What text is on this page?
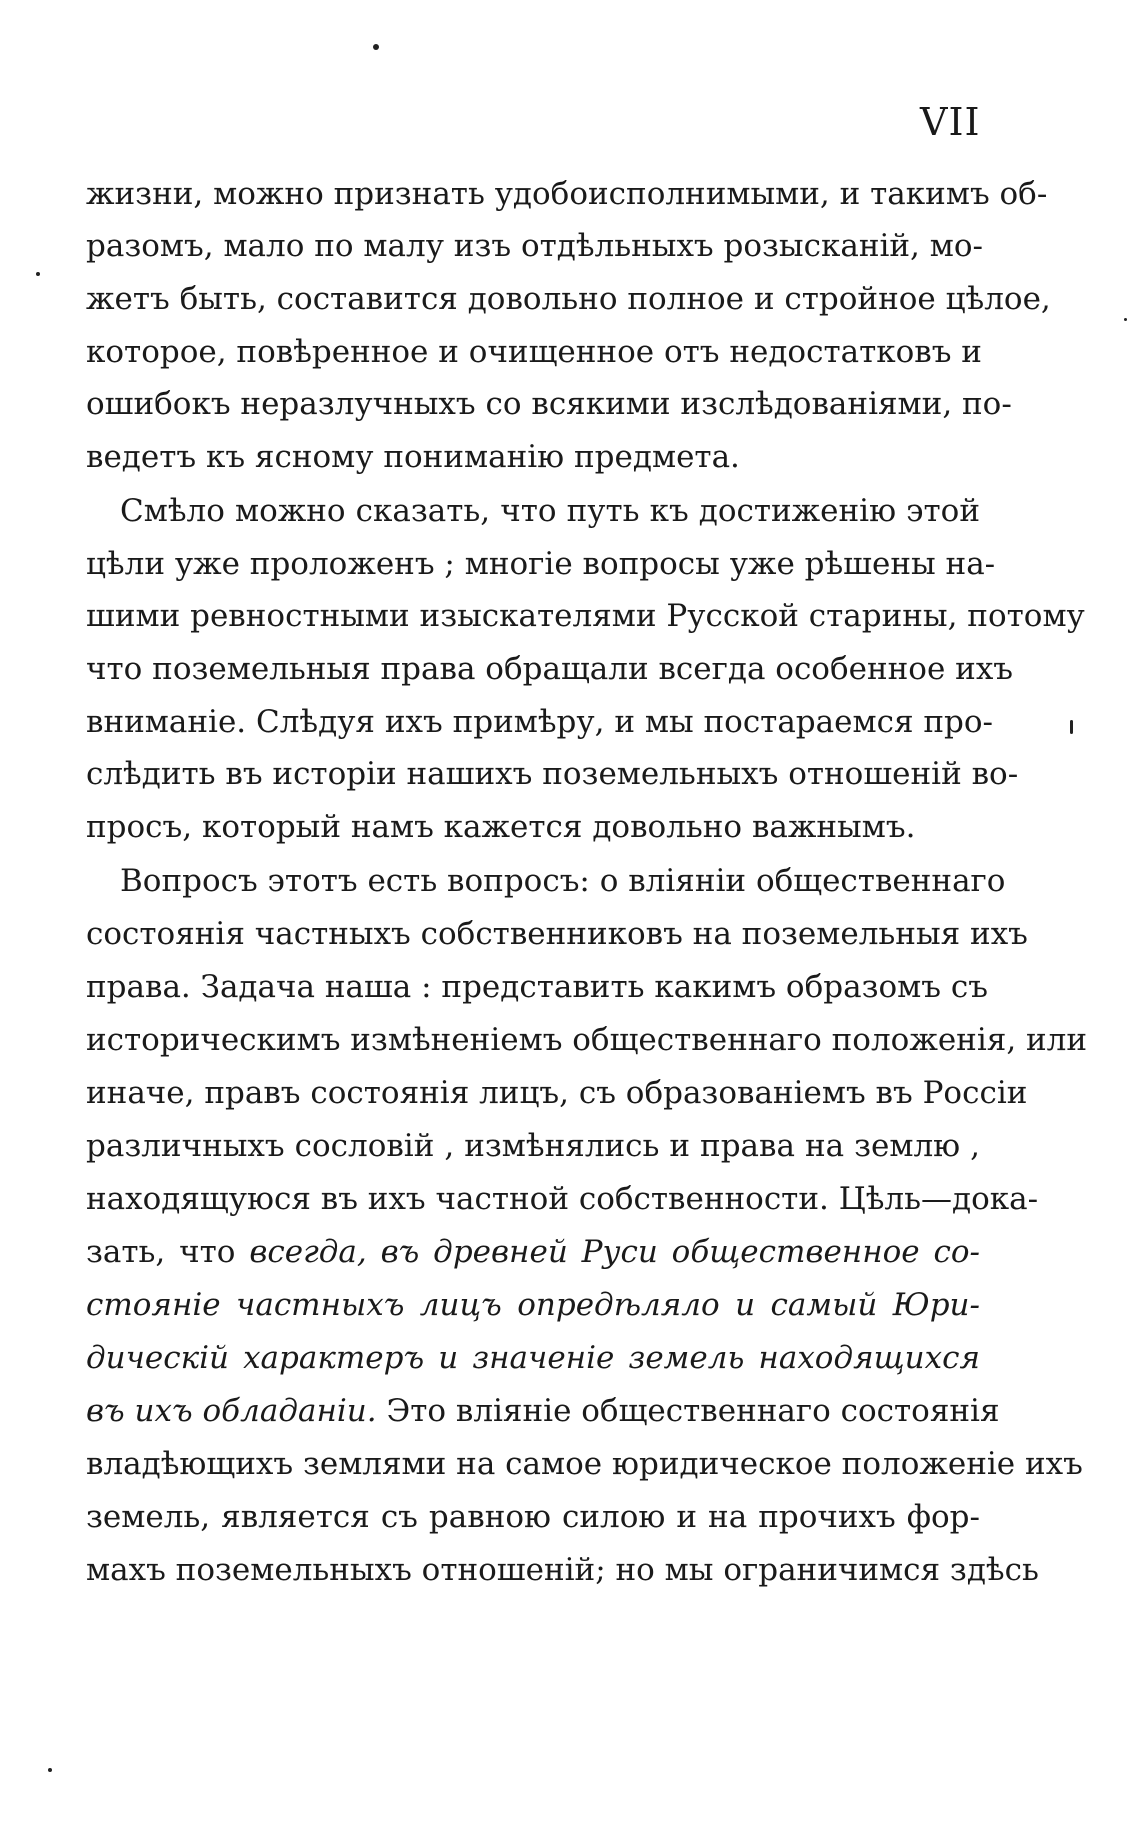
VII
жизни, можно признать удобоисполнимыми, и такимъ об-
разомъ, мало по малу изъ отдѣльныхъ розысканій, мо-
жетъ быть, составится довольно полное и стройное цѣлое,
которое, повѣренное и очищенное отъ недостатковъ и
ошибокъ неразлучныхъ со всякими изслѣдованіями, по-
ведетъ къ ясному пониманію предмета.
Смѣло можно сказать, что путь къ достиженію этой
цѣли уже проложенъ ; многіе вопросы уже рѣшены на-
шими ревностными изыскателями Русской старины, потому
что поземельныя права обращали всегда особенное ихъ
вниманіе. Слѣдуя ихъ примѣру, и мы постараемся про-
слѣдить въ исторіи нашихъ поземельныхъ отношеній во-
просъ, который намъ кажется довольно важнымъ.
Вопросъ этотъ есть вопросъ: о вліяніи общественнаго
состоянія частныхъ собственниковъ на поземельныя ихъ
права. Задача наша : представить какимъ образомъ съ
историческимъ измѣненіемъ общественнаго положенія, или
иначе, правъ состоянія лицъ, съ образованіемъ въ Россіи
различныхъ сословій , измѣнялись и права на землю ,
находящуюся въ ихъ частной собственности. Цѣль—дока-
зать, что всегда, въ древней Руси общественное со-
стояніе частныхъ лицъ опредѣляло и самый Юри-
дическій характеръ и значеніе земель находящихся
въ ихъ обладаніи. Это вліяніе общественнаго состоянія
владѣющихъ землями на самое юридическое положеніе ихъ
земель, является съ равною силою и на прочихъ фор-
махъ поземельныхъ отношеній; но мы ограничимся здѣсь
